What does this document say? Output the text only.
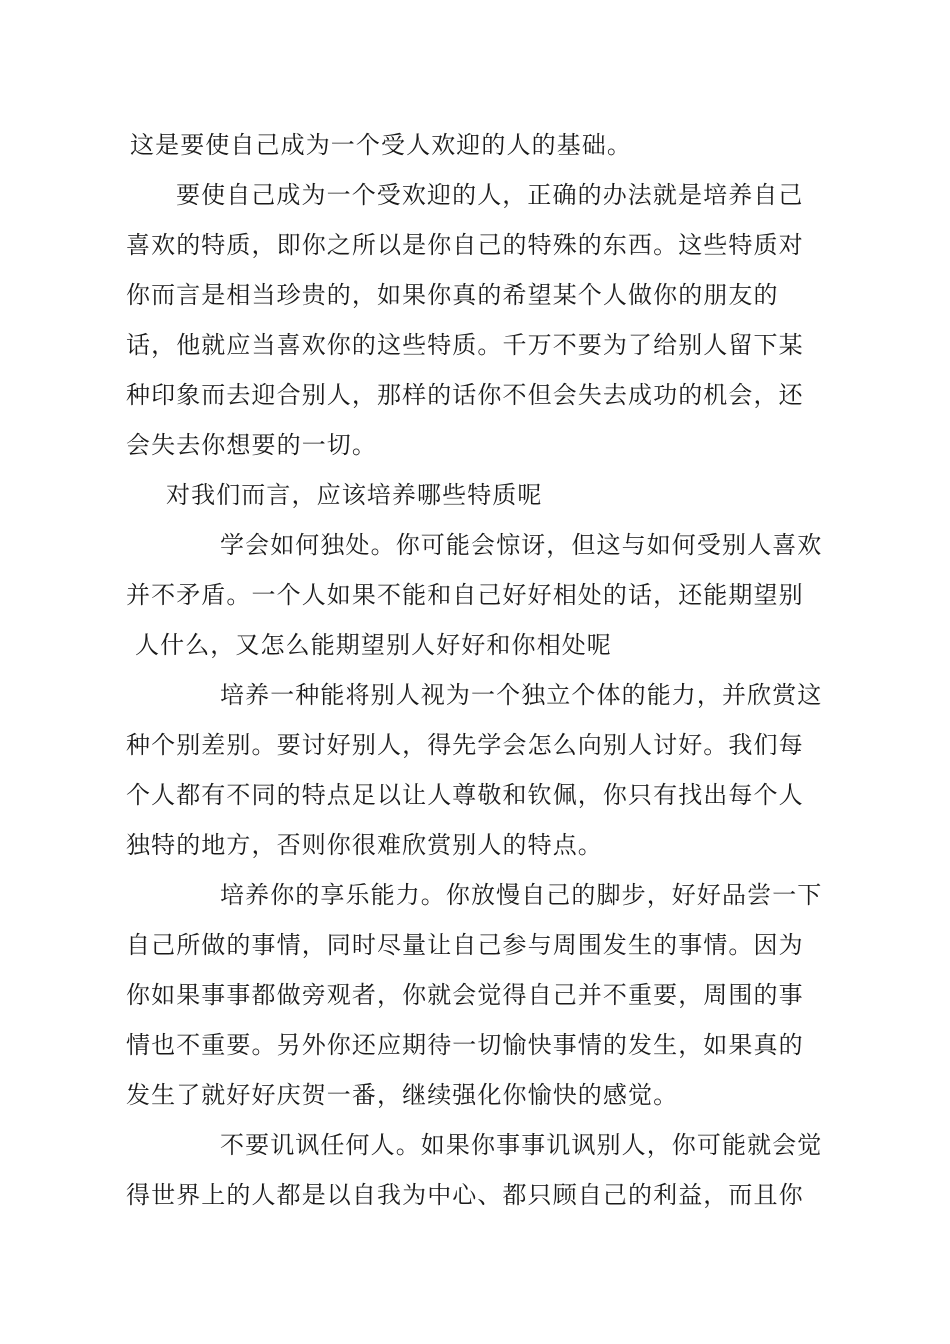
这是要使自己成为一个受人欢迎的人的基础。
要使自己成为一个受欢迎的人，正确的办法就是培养自己
喜欢的特质，即你之所以是你自己的特殊的东西。这些特质对
你而言是相当珍贵的，如果你真的希望某个人做你的朋友的
话，他就应当喜欢你的这些特质。千万不要为了给别人留下某
种印象而去迎合别人，那样的话你不但会失去成功的机会，还
会失去你想要的一切。
对我们而言，应该培养哪些特质呢
学会如何独处。你可能会惊讶，但这与如何受别人喜欢
并不矛盾。一个人如果不能和自己好好相处的话，还能期望别
人什么，又怎么能期望别人好好和你相处呢
培养一种能将别人视为一个独立个体的能力，并欣赏这
种个别差别。要讨好别人，得先学会怎么向别人讨好。我们每
个人都有不同的特点足以让人尊敬和钦佩，你只有找出每个人
独特的地方，否则你很难欣赏别人的特点。
培养你的享乐能力。你放慢自己的脚步，好好品尝一下
自己所做的事情，同时尽量让自己参与周围发生的事情。因为
你如果事事都做旁观者，你就会觉得自己并不重要，周围的事
情也不重要。另外你还应期待一切愉快事情的发生，如果真的
发生了就好好庆贺一番，继续强化你愉快的感觉。
不要讥讽任何人。如果你事事讥讽别人，你可能就会觉
得世界上的人都是以自我为中心、都只顾自己的利益，而且你
